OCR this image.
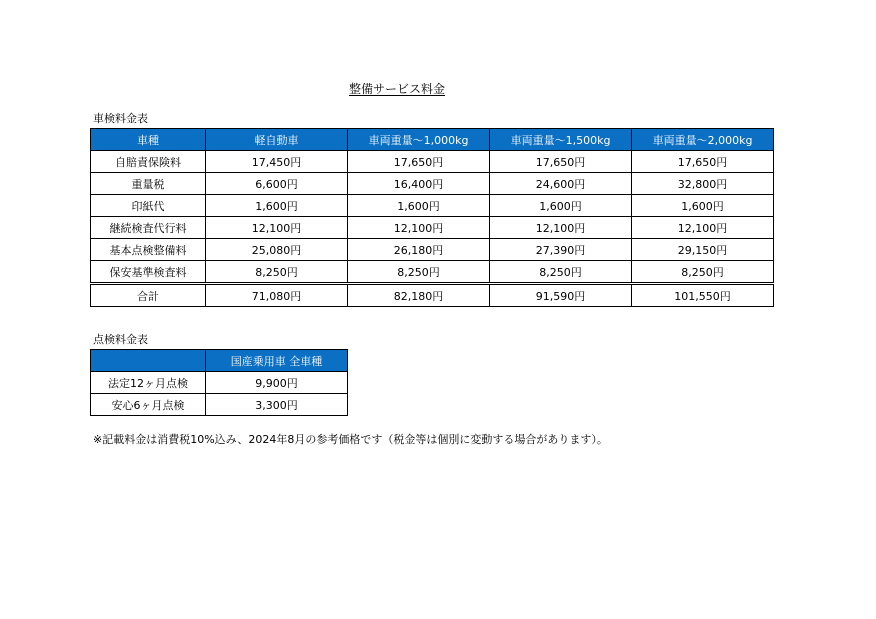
整備サービス料金
車検料金表
車種	軽自動車	車両重量～1,000kg	車両重量～1,500kg	車両重量～2,000kg
自賠責保険料	17,450円	17,650円	17,650円	17,650円
重量税	6,600円	16,400円	24,600円	32,800円
印紙代	1,600円	1,600円	1,600円	1,600円
継続検査代行料	12,100円	12,100円	12,100円	12,100円
基本点検整備料	25,080円	26,180円	27,390円	29,150円
保安基準検査料	8,250円	8,250円	8,250円	8,250円
合計	71,080円	82,180円	91,590円	101,550円
点検料金表
	国産乗用車 全車種
法定12ヶ月点検	9,900円
安心6ヶ月点検	3,300円
※記載料金は消費税10%込み、2024年8月の参考価格です（税金等は個別に変動する場合があります）。
